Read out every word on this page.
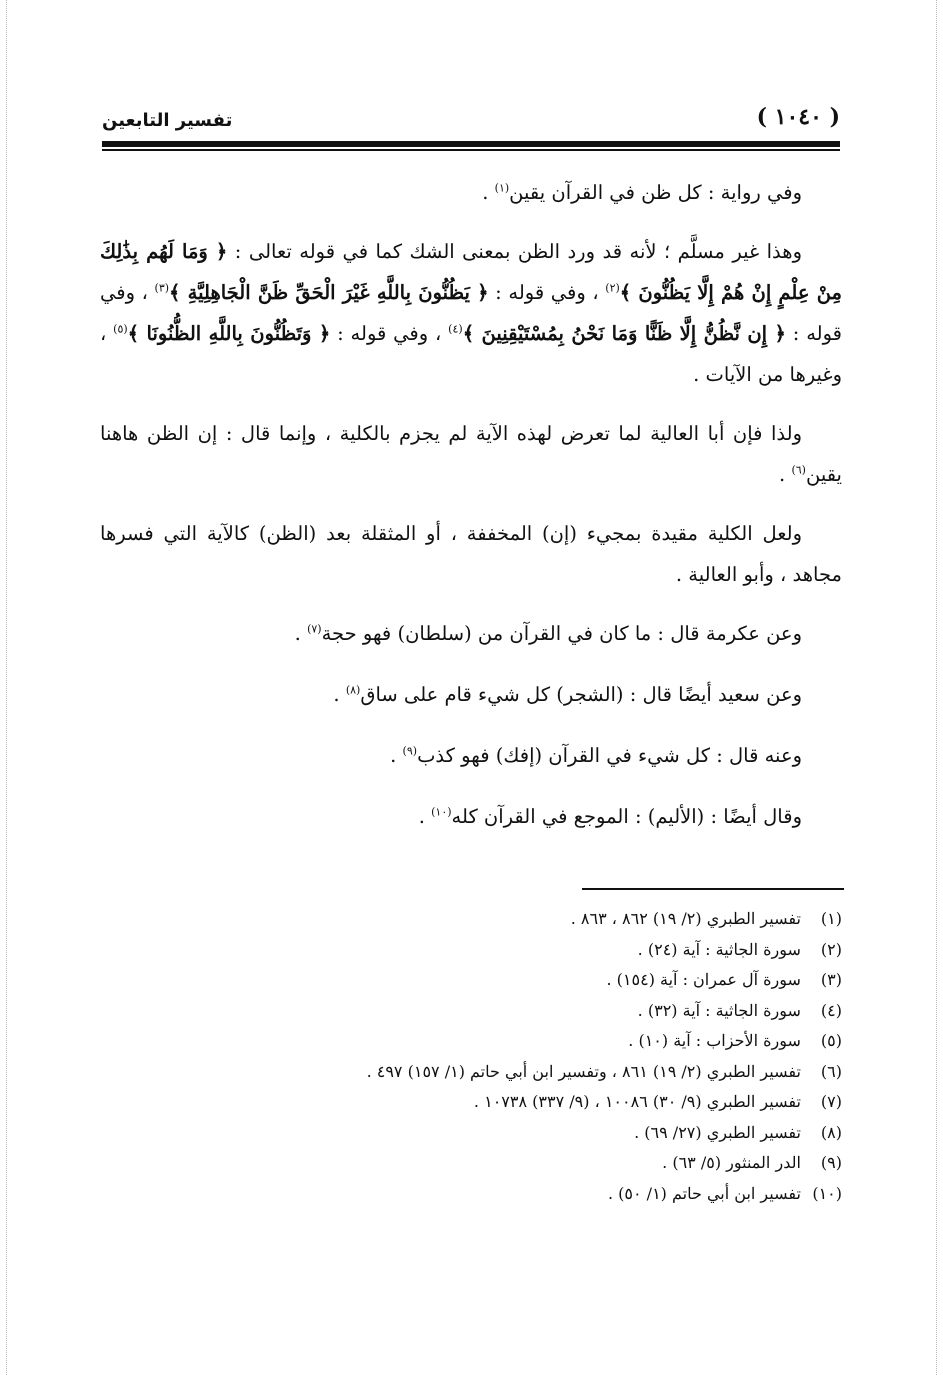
( ١٠٤٠ )
تفسير التابعين

وفي رواية : كل ظن في القرآن يقين$^{(١)}$ .

وهذا غير مسلَّم ؛ لأنه قد ورد الظن بمعنى الشك كما في قوله تعالى : ﴿ وَمَا لَهُم بِذَٰلِكَ مِنْ عِلْمٍ إِنْ هُمْ إِلَّا يَظُنُّونَ ﴾$^{(٢)}$ ، وفي قوله : ﴿ يَظُنُّونَ بِاللَّهِ غَيْرَ الْحَقِّ ظَنَّ الْجَاهِلِيَّةِ ﴾$^{(٣)}$ ، وفي قوله : ﴿ إِن نَّظُنُّ إِلَّا ظَنًّا وَمَا نَحْنُ بِمُسْتَيْقِنِينَ ﴾$^{(٤)}$ ، وفي قوله : ﴿ وَتَظُنُّونَ بِاللَّهِ الظُّنُونَا ﴾$^{(٥)}$ ، وغيرها من الآيات .

ولذا فإن أبا العالية لما تعرض لهذه الآية لم يجزم بالكلية ، وإنما قال : إن الظن هاهنا يقين$^{(٦)}$ .

ولعل الكلية مقيدة بمجيء (إن) المخففة ، أو المثقلة بعد (الظن) كالآية التي فسرها مجاهد ، وأبو العالية .

وعن عكرمة قال : ما كان في القرآن من (سلطان) فهو حجة$^{(٧)}$ .

وعن سعيد أيضًا قال : (الشجر) كل شيء قام على ساق$^{(٨)}$ .

وعنه قال : كل شيء في القرآن (إفك) فهو كذب$^{(٩)}$ .

وقال أيضًا : (الأليم) : الموجع في القرآن كله$^{(١٠)}$ .

(١) تفسير الطبري (٢/ ١٩) ٨٦٢ ، ٨٦٣ .
(٢) سورة الجاثية : آية (٢٤) .
(٣) سورة آل عمران : آية (١٥٤) .
(٤) سورة الجاثية : آية (٣٢) .
(٥) سورة الأحزاب : آية (١٠) .
(٦) تفسير الطبري (٢/ ١٩) ٨٦١ ، وتفسير ابن أبي حاتم (١/ ١٥٧) ٤٩٧ .
(٧) تفسير الطبري (٩/ ٣٠) ١٠٠٨٦ ، (٩/ ٣٣٧) ١٠٧٣٨ .
(٨) تفسير الطبري (٢٧/ ٦٩) .
(٩) الدر المنثور (٥/ ٦٣) .
(١٠) تفسير ابن أبي حاتم (١/ ٥٠) .
